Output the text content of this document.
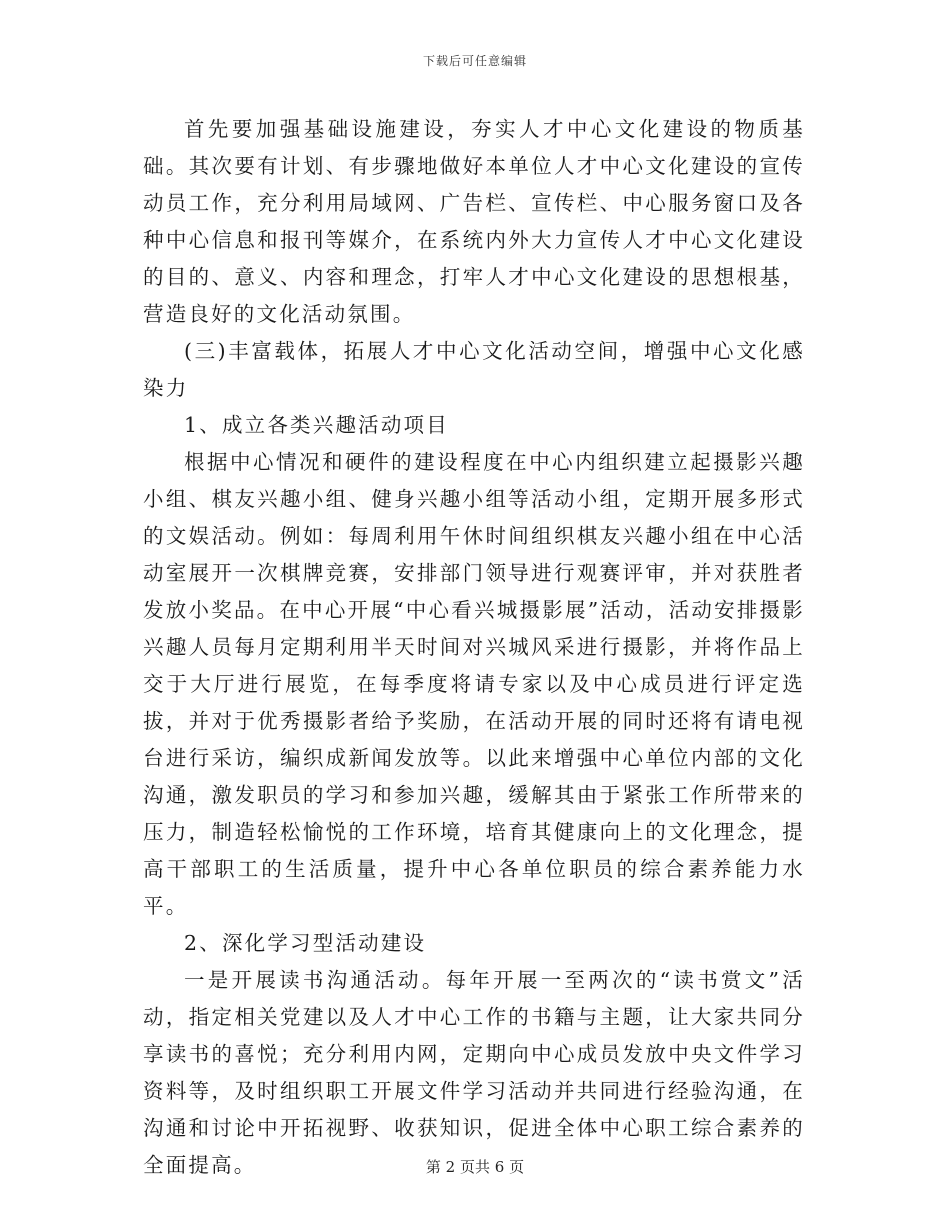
下载后可任意编辑

首先要加强基础设施建设，夯实人才中心文化建设的物质基础。其次要有计划、有步骤地做好本单位人才中心文化建设的宣传动员工作，充分利用局域网、广告栏、宣传栏、中心服务窗口及各种中心信息和报刊等媒介，在系统内外大力宣传人才中心文化建设的目的、意义、内容和理念，打牢人才中心文化建设的思想根基，营造良好的文化活动氛围。

(三)丰富载体，拓展人才中心文化活动空间，增强中心文化感染力

1、成立各类兴趣活动项目

根据中心情况和硬件的建设程度在中心内组织建立起摄影兴趣小组、棋友兴趣小组、健身兴趣小组等活动小组，定期开展多形式的文娱活动。例如：每周利用午休时间组织棋友兴趣小组在中心活动室展开一次棋牌竞赛，安排部门领导进行观赛评审，并对获胜者发放小奖品。在中心开展“中心看兴城摄影展”活动，活动安排摄影兴趣人员每月定期利用半天时间对兴城风采进行摄影，并将作品上交于大厅进行展览，在每季度将请专家以及中心成员进行评定选拔，并对于优秀摄影者给予奖励，在活动开展的同时还将有请电视台进行采访，编织成新闻发放等。以此来增强中心单位内部的文化沟通，激发职员的学习和参加兴趣，缓解其由于紧张工作所带来的压力，制造轻松愉悦的工作环境，培育其健康向上的文化理念，提高干部职工的生活质量，提升中心各单位职员的综合素养能力水平。

2、深化学习型活动建设

一是开展读书沟通活动。每年开展一至两次的“读书赏文”活动，指定相关党建以及人才中心工作的书籍与主题，让大家共同分享读书的喜悦；充分利用内网，定期向中心成员发放中央文件学习资料等，及时组织职工开展文件学习活动并共同进行经验沟通，在沟通和讨论中开拓视野、收获知识，促进全体中心职工综合素养的全面提高。	第 2 页共 6 页
